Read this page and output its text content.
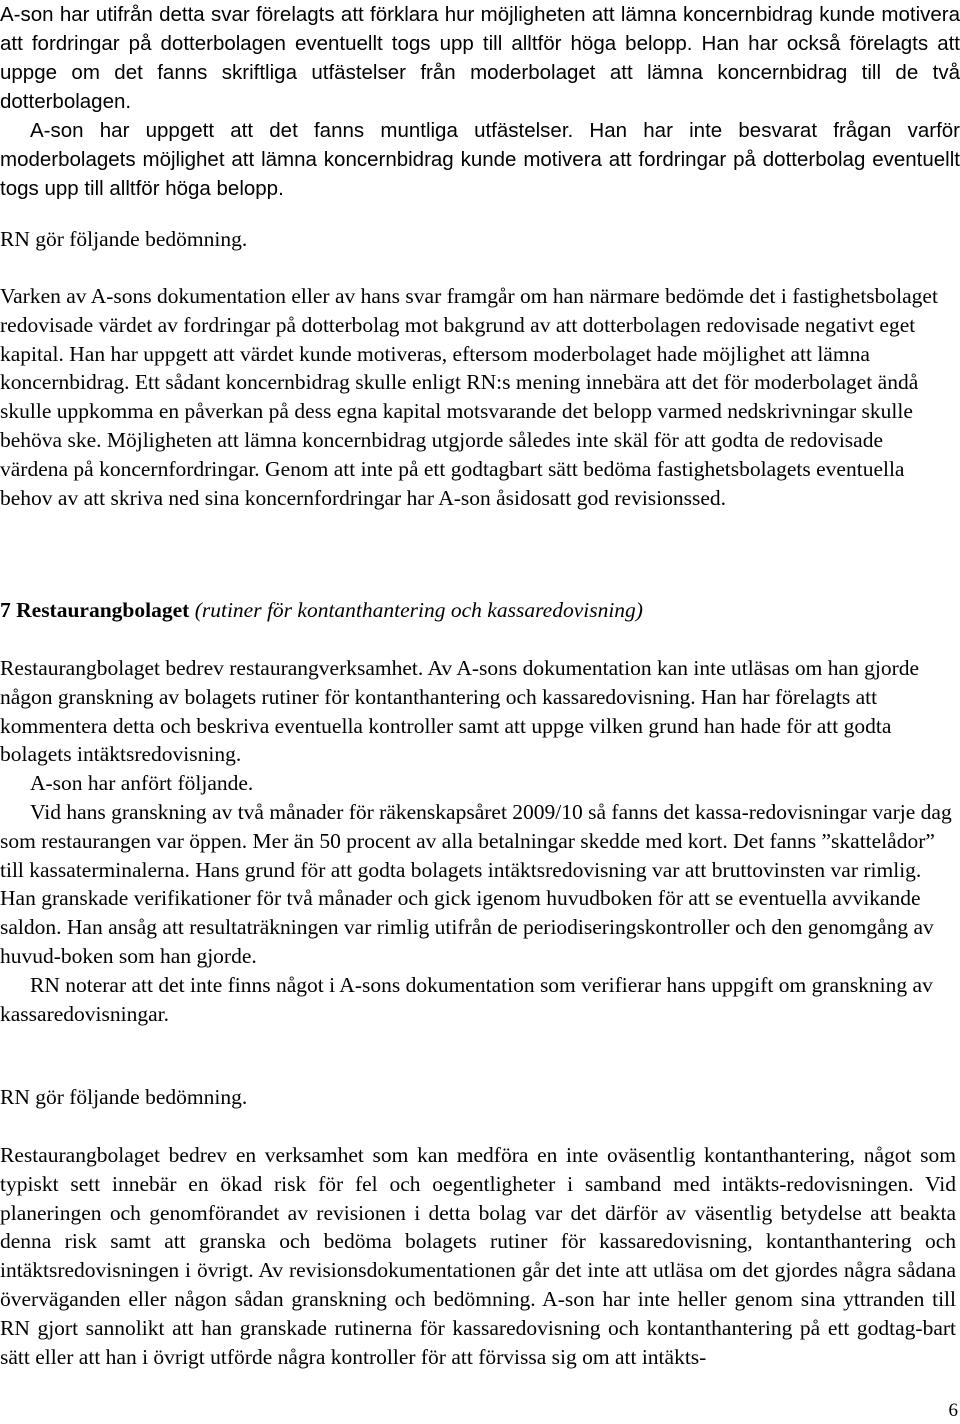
A-son har utifrån detta svar förelagts att förklara hur möjligheten att lämna koncernbidrag kunde motivera att fordringar på dotterbolagen eventuellt togs upp till alltför höga belopp. Han har också förelagts att uppge om det fanns skriftliga utfästelser från moderbolaget att lämna koncernbidrag till de två dotterbolagen.

A-son har uppgett att det fanns muntliga utfästelser. Han har inte besvarat frågan varför moderbolagets möjlighet att lämna koncernbidrag kunde motivera att fordringar på dotterbolag eventuellt togs upp till alltför höga belopp.

RN gör följande bedömning.

Varken av A-sons dokumentation eller av hans svar framgår om han närmare bedömde det i fastighetsbolaget redovisade värdet av fordringar på dotterbolag mot bakgrund av att dotterbolagen redovisade negativt eget kapital. Han har uppgett att värdet kunde motiveras, eftersom moderbolaget hade möjlighet att lämna koncernbidrag. Ett sådant koncernbidrag skulle enligt RN:s mening innebära att det för moderbolaget ändå skulle uppkomma en påverkan på dess egna kapital motsvarande det belopp varmed nedskrivningar skulle behöva ske. Möjligheten att lämna koncernbidrag utgjorde således inte skäl för att godta de redovisade värdena på koncernfordringar. Genom att inte på ett godtagbart sätt bedöma fastighetsbolagets eventuella behov av att skriva ned sina koncernfordringar har A-son åsidosatt god revisionssed.

7 Restaurangbolaget (rutiner för kontanthantering och kassaredovisning)

Restaurangbolaget bedrev restaurangverksamhet. Av A-sons dokumentation kan inte utläsas om han gjorde någon granskning av bolagets rutiner för kontanthantering och kassaredovisning. Han har förelagts att kommentera detta och beskriva eventuella kontroller samt att uppge vilken grund han hade för att godta bolagets intäktsredovisning.

A-son har anfört följande.

Vid hans granskning av två månader för räkenskapsåret 2009/10 så fanns det kassa-redovisningar varje dag som restaurangen var öppen. Mer än 50 procent av alla betalningar skedde med kort. Det fanns ”skattelådor” till kassaterminalerna. Hans grund för att godta bolagets intäktsredovisning var att bruttovinsten var rimlig. Han granskade verifikationer för två månader och gick igenom huvudboken för att se eventuella avvikande saldon. Han ansåg att resultaträkningen var rimlig utifrån de periodiseringskontroller och den genomgång av huvud-boken som han gjorde.

RN noterar att det inte finns något i A-sons dokumentation som verifierar hans uppgift om granskning av kassaredovisningar.

RN gör följande bedömning.

Restaurangbolaget bedrev en verksamhet som kan medföra en inte oväsentlig kontanthantering, något som typiskt sett innebär en ökad risk för fel och oegentligheter i samband med intäkts-redovisningen. Vid planeringen och genomförandet av revisionen i detta bolag var det därför av väsentlig betydelse att beakta denna risk samt att granska och bedöma bolagets rutiner för kassaredovisning, kontanthantering och intäktsredovisningen i övrigt. Av revisionsdokumentationen går det inte att utläsa om det gjordes några sådana överväganden eller någon sådan granskning och bedömning. A-son har inte heller genom sina yttranden till RN gjort sannolikt att han granskade rutinerna för kassaredovisning och kontanthantering på ett godtag-bart sätt eller att han i övrigt utförde några kontroller för att förvissa sig om att intäkts-

6
